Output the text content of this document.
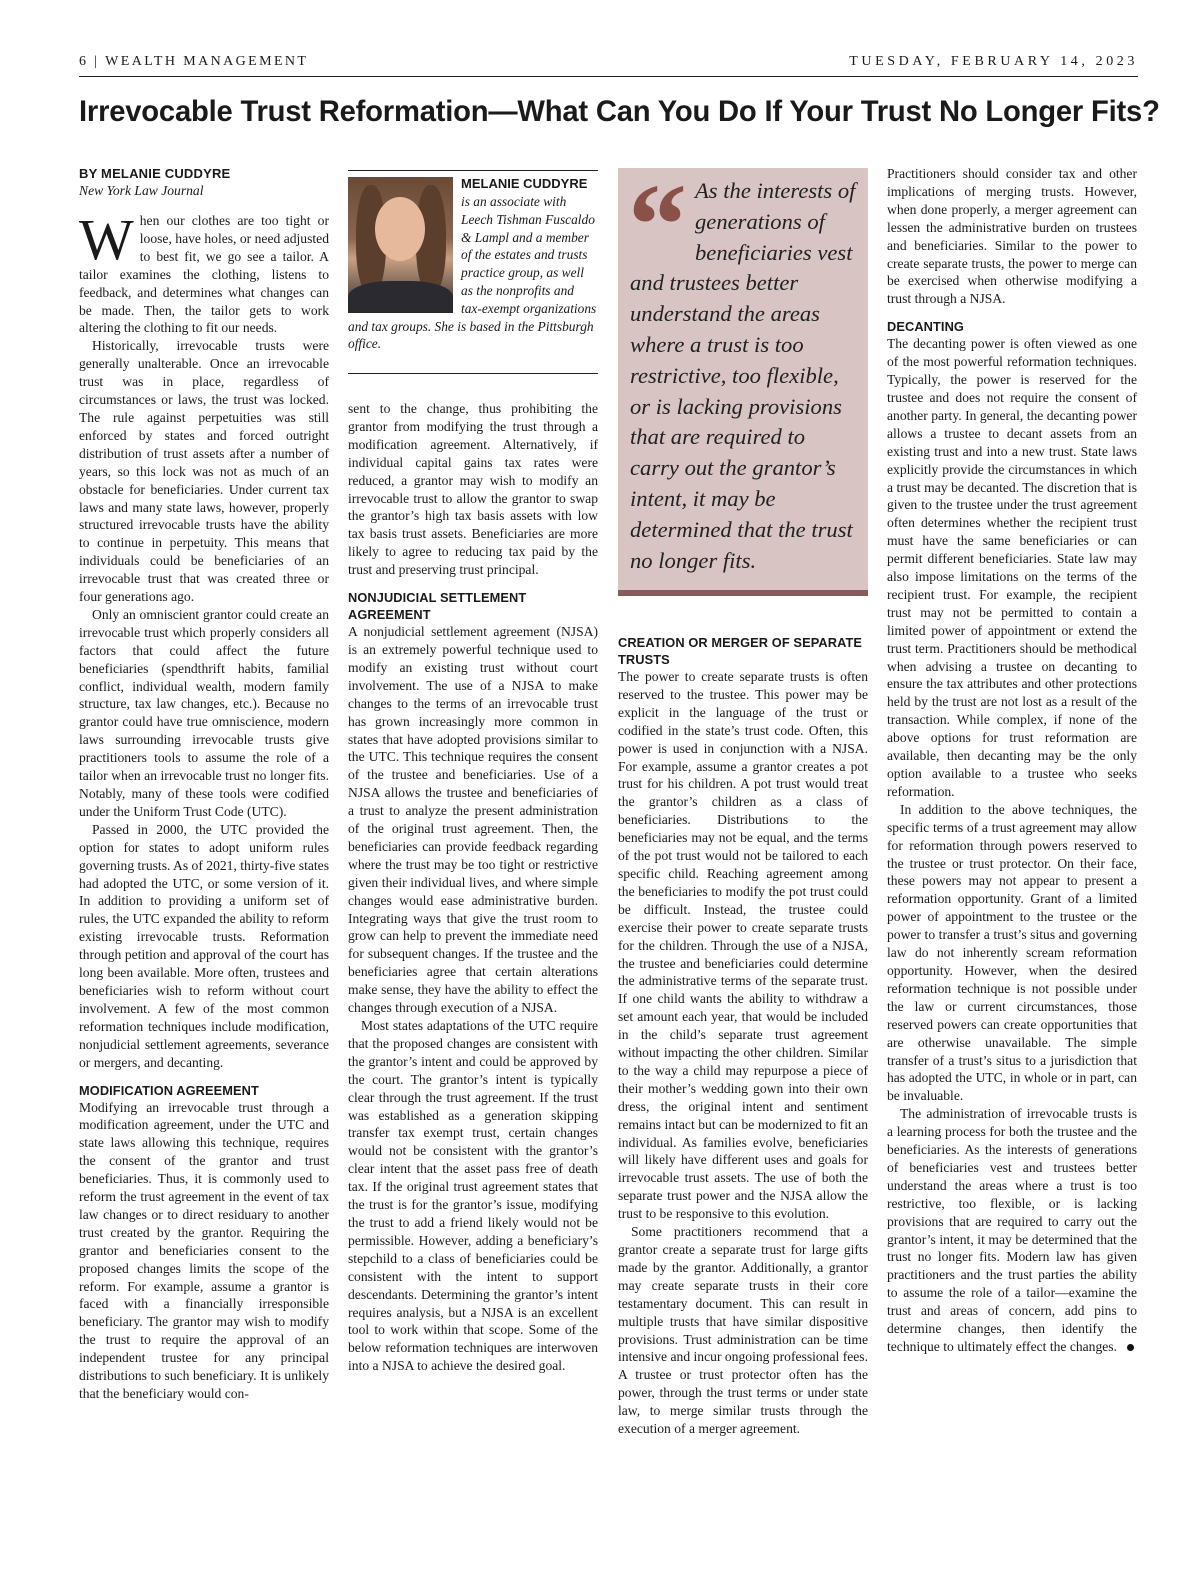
6 | WEALTH MANAGEMENT	TUESDAY, FEBRUARY 14, 2023
Irrevocable Trust Reformation—What Can You Do If Your Trust No Longer Fits?
BY MELANIE CUDDYRE
New York Law Journal

When our clothes are too tight or loose, have holes, or need adjusted to best fit, we go see a tailor. A tailor examines the clothing, listens to feedback, and determines what changes can be made. Then, the tailor gets to work altering the clothing to fit our needs.

Historically, irrevocable trusts were generally unalterable. Once an irrevocable trust was in place, regardless of circumstances or laws, the trust was locked. The rule against perpetuities was still enforced by states and forced outright distribution of trust assets after a number of years, so this lock was not as much of an obstacle for beneficiaries. Under current tax laws and many state laws, however, properly structured irrevocable trusts have the ability to continue in perpetuity. This means that individuals could be beneficiaries of an irrevocable trust that was created three or four generations ago.

Only an omniscient grantor could create an irrevocable trust which properly considers all factors that could affect the future beneficiaries (spendthrift habits, familial conflict, individual wealth, modern family structure, tax law changes, etc.). Because no grantor could have true omniscience, modern laws surrounding irrevocable trusts give practitioners tools to assume the role of a tailor when an irrevocable trust no longer fits. Notably, many of these tools were codified under the Uniform Trust Code (UTC).

Passed in 2000, the UTC provided the option for states to adopt uniform rules governing trusts. As of 2021, thirty-five states had adopted the UTC, or some version of it. In addition to providing a uniform set of rules, the UTC expanded the ability to reform existing irrevocable trusts. Reformation through petition and approval of the court has long been available. More often, trustees and beneficiaries wish to reform without court involvement. A few of the most common reformation techniques include modification, nonjudicial settlement agreements, severance or mergers, and decanting.

MODIFICATION AGREEMENT

Modifying an irrevocable trust through a modification agreement, under the UTC and state laws allowing this technique, requires the consent of the grantor and trust beneficiaries. Thus, it is commonly used to reform the trust agreement in the event of tax law changes or to direct residuary to another trust created by the grantor. Requiring the grantor and beneficiaries consent to the proposed changes limits the scope of the reform. For example, assume a grantor is faced with a financially irresponsible beneficiary. The grantor may wish to modify the trust to require the approval of an independent trustee for any principal distributions to such beneficiary. It is unlikely that the beneficiary would con-

MELANIE CUDDYRE
is an associate with Leech Tishman Fuscaldo & Lampl and a member of the estates and trusts practice group, as well as the nonprofits and tax-exempt organizations and tax groups. She is based in the Pittsburgh office.

sent to the change, thus prohibiting the grantor from modifying the trust through a modification agreement. Alternatively, if individual capital gains tax rates were reduced, a grantor may wish to modify an irrevocable trust to allow the grantor to swap the grantor’s high tax basis assets with low tax basis trust assets. Beneficiaries are more likely to agree to reducing tax paid by the trust and preserving trust principal.

NONJUDICIAL SETTLEMENT AGREEMENT

A nonjudicial settlement agreement (NJSA) is an extremely powerful technique used to modify an existing trust without court involvement. The use of a NJSA to make changes to the terms of an irrevocable trust has grown increasingly more common in states that have adopted provisions similar to the UTC. This technique requires the consent of the trustee and beneficiaries. Use of a NJSA allows the trustee and beneficiaries of a trust to analyze the present administration of the original trust agreement. Then, the beneficiaries can provide feedback regarding where the trust may be too tight or restrictive given their individual lives, and where simple changes would ease administrative burden. Integrating ways that give the trust room to grow can help to prevent the immediate need for subsequent changes. If the trustee and the beneficiaries agree that certain alterations make sense, they have the ability to effect the changes through execution of a NJSA.

Most states adaptations of the UTC require that the proposed changes are consistent with the grantor’s intent and could be approved by the court. The grantor’s intent is typically clear through the trust agreement. If the trust was established as a generation skipping transfer tax exempt trust, certain changes would not be consistent with the grantor’s clear intent that the asset pass free of death tax. If the original trust agreement states that the trust is for the grantor’s issue, modifying the trust to add a friend likely would not be permissible. However, adding a beneficiary’s stepchild to a class of beneficiaries could be consistent with the intent to support descendants. Determining the grantor’s intent requires analysis, but a NJSA is an excellent tool to work within that scope. Some of the below reformation techniques are interwoven into a NJSA to achieve the desired goal.

“ As the interests of generations of beneficiaries vest and trustees better understand the areas where a trust is too restrictive, too flexible, or is lacking provisions that are required to carry out the grantor’s intent, it may be determined that the trust no longer fits.
CREATION OR MERGER OF SEPARATE TRUSTS

The power to create separate trusts is often reserved to the trustee. This power may be explicit in the language of the trust or codified in the state’s trust code. Often, this power is used in conjunction with a NJSA. For example, assume a grantor creates a pot trust for his children. A pot trust would treat the grantor’s children as a class of beneficiaries. Distributions to the beneficiaries may not be equal, and the terms of the pot trust would not be tailored to each specific child. Reaching agreement among the beneficiaries to modify the pot trust could be difficult. Instead, the trustee could exercise their power to create separate trusts for the children. Through the use of a NJSA, the trustee and beneficiaries could determine the administrative terms of the separate trust. If one child wants the ability to withdraw a set amount each year, that would be included in the child’s separate trust agreement without impacting the other children. Similar to the way a child may repurpose a piece of their mother’s wedding gown into their own dress, the original intent and sentiment remains intact but can be modernized to fit an individual. As families evolve, beneficiaries will likely have different uses and goals for irrevocable trust assets. The use of both the separate trust power and the NJSA allow the trust to be responsive to this evolution.

Some practitioners recommend that a grantor create a separate trust for large gifts made by the grantor. Additionally, a grantor may create separate trusts in their core testamentary document. This can result in multiple trusts that have similar dispositive provisions. Trust administration can be time intensive and incur ongoing professional fees. A trustee or trust protector often has the power, through the trust terms or under state law, to merge similar trusts through the execution of a merger agreement.

Practitioners should consider tax and other implications of merging trusts. However, when done properly, a merger agreement can lessen the administrative burden on trustees and beneficiaries. Similar to the power to create separate trusts, the power to merge can be exercised when otherwise modifying a trust through a NJSA.

DECANTING

The decanting power is often viewed as one of the most powerful reformation techniques. Typically, the power is reserved for the trustee and does not require the consent of another party. In general, the decanting power allows a trustee to decant assets from an existing trust and into a new trust. State laws explicitly provide the circumstances in which a trust may be decanted. The discretion that is given to the trustee under the trust agreement often determines whether the recipient trust must have the same beneficiaries or can permit different beneficiaries. State law may also impose limitations on the terms of the recipient trust. For example, the recipient trust may not be permitted to contain a limited power of appointment or extend the trust term. Practitioners should be methodical when advising a trustee on decanting to ensure the tax attributes and other protections held by the trust are not lost as a result of the transaction. While complex, if none of the above options for trust reformation are available, then decanting may be the only option available to a trustee who seeks reformation.

In addition to the above techniques, the specific terms of a trust agreement may allow for reformation through powers reserved to the trustee or trust protector. On their face, these powers may not appear to present a reformation opportunity. Grant of a limited power of appointment to the trustee or the power to transfer a trust’s situs and governing law do not inherently scream reformation opportunity. However, when the desired reformation technique is not possible under the law or current circumstances, those reserved powers can create opportunities that are otherwise unavailable. The simple transfer of a trust’s situs to a jurisdiction that has adopted the UTC, in whole or in part, can be invaluable.

The administration of irrevocable trusts is a learning process for both the trustee and the beneficiaries. As the interests of generations of beneficiaries vest and trustees better understand the areas where a trust is too restrictive, too flexible, or is lacking provisions that are required to carry out the grantor’s intent, it may be determined that the trust no longer fits. Modern law has given practitioners and the trust parties the ability to assume the role of a tailor—examine the trust and areas of concern, add pins to determine changes, then identify the technique to ultimately effect the changes.
